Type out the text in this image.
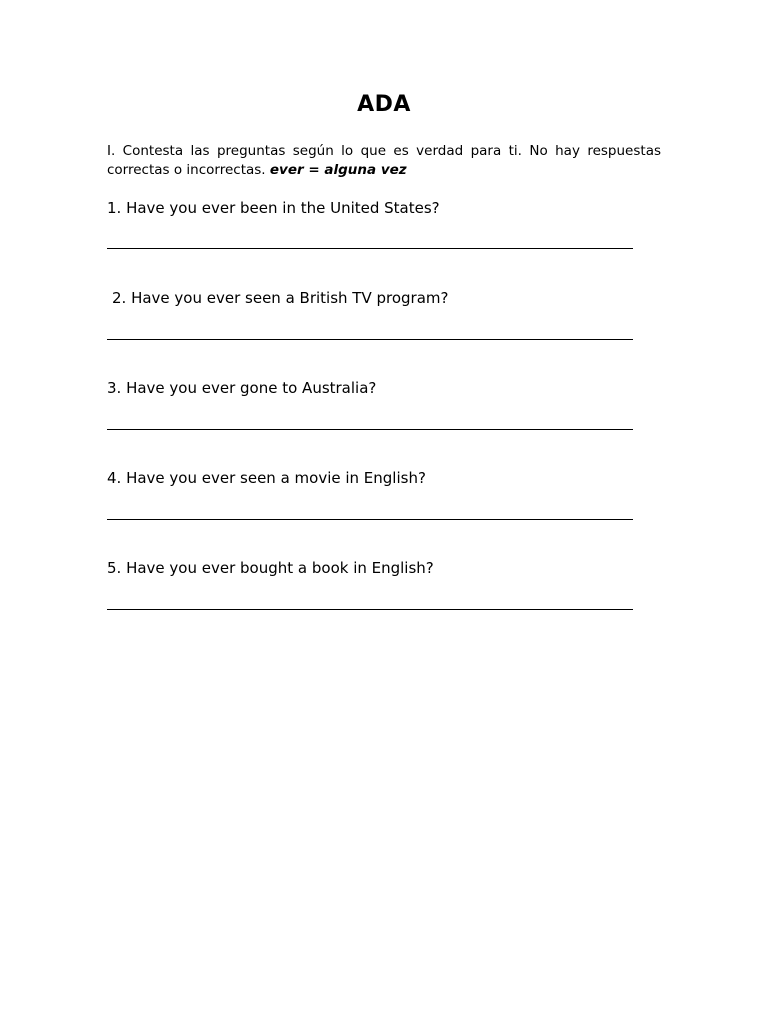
ADA

I. Contesta las preguntas según lo que es verdad para ti. No hay respuestas correctas o incorrectas. ever = alguna vez

1. Have you ever been in the United States?

2. Have you ever seen a British TV program?

3. Have you ever gone to Australia?

4. Have you ever seen a movie in English?

5. Have you ever bought a book in English?
